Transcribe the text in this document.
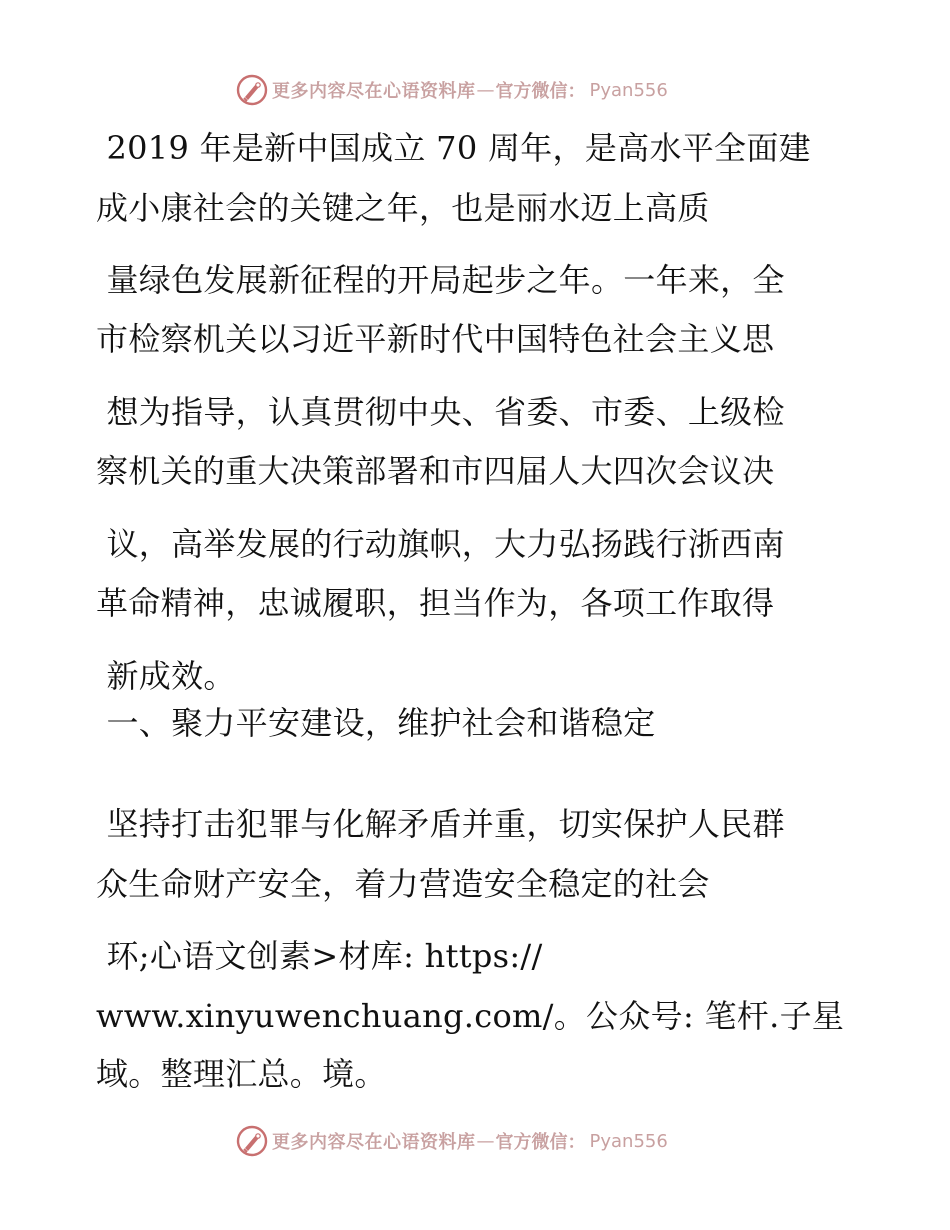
更多内容尽在心语资料库 — 官方微信： Pyan556
2019 年是新中国成立 70 周年，是高水平全面建
成小康社会的关键之年，也是丽水迈上高质
量绿色发展新征程的开局起步之年。一年来，全
市检察机关以习近平新时代中国特色社会主义思
想为指导，认真贯彻中央、省委、市委、上级检
察机关的重大决策部署和市四届人大四次会议决
议，高举发展的行动旗帜，大力弘扬践行浙西南
革命精神，忠诚履职，担当作为，各项工作取得
新成效。
一、聚力平安建设，维护社会和谐稳定
坚持打击犯罪与化解矛盾并重，切实保护人民群
众生命财产安全，着力营造安全稳定的社会
环;心语文创素>材库: https://
www.xinyuwenchuang.com/。公众号: 笔杆.子星
域。整理汇总。境。
更多内容尽在心语资料库 — 官方微信： Pyan556
